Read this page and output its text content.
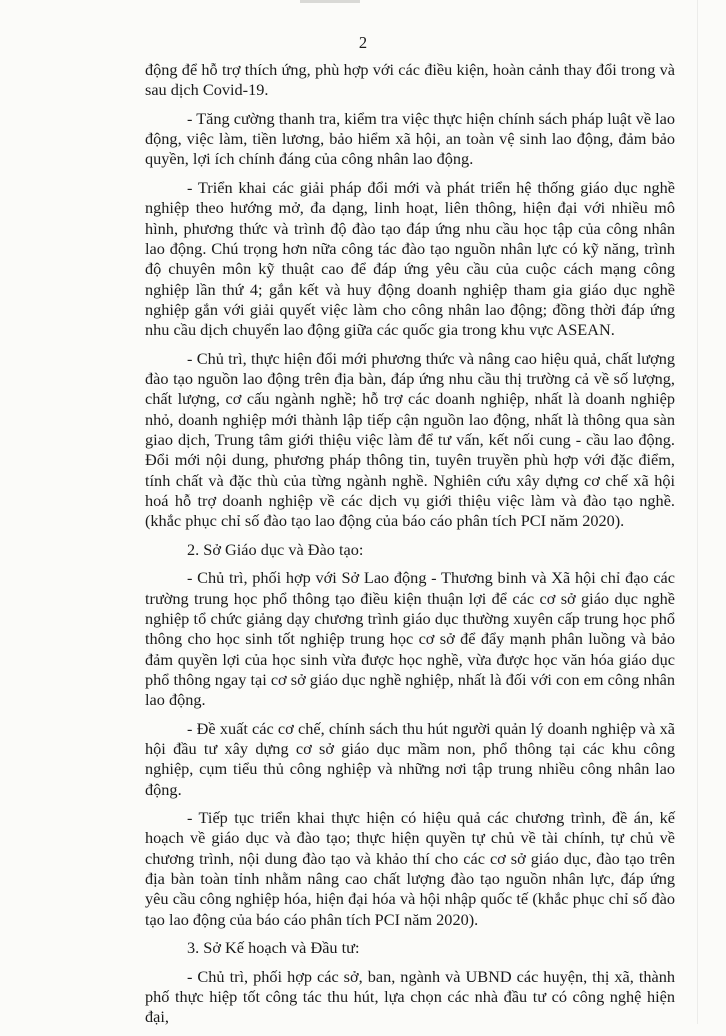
2

động để hỗ trợ thích ứng, phù hợp với các điều kiện, hoàn cảnh thay đổi trong và sau dịch Covid-19.

- Tăng cường thanh tra, kiểm tra việc thực hiện chính sách pháp luật về lao động, việc làm, tiền lương, bảo hiểm xã hội, an toàn vệ sinh lao động, đảm bảo quyền, lợi ích chính đáng của công nhân lao động.

- Triển khai các giải pháp đổi mới và phát triển hệ thống giáo dục nghề nghiệp theo hướng mở, đa dạng, linh hoạt, liên thông, hiện đại với nhiều mô hình, phương thức và trình độ đào tạo đáp ứng nhu cầu học tập của công nhân lao động. Chú trọng hơn nữa công tác đào tạo nguồn nhân lực có kỹ năng, trình độ chuyên môn kỹ thuật cao để đáp ứng yêu cầu của cuộc cách mạng công nghiệp lần thứ 4; gắn kết và huy động doanh nghiệp tham gia giáo dục nghề nghiệp gắn với giải quyết việc làm cho công nhân lao động; đồng thời đáp ứng nhu cầu dịch chuyển lao động giữa các quốc gia trong khu vực ASEAN.

- Chủ trì, thực hiện đổi mới phương thức và nâng cao hiệu quả, chất lượng đào tạo nguồn lao động trên địa bàn, đáp ứng nhu cầu thị trường cả về số lượng, chất lượng, cơ cấu ngành nghề; hỗ trợ các doanh nghiệp, nhất là doanh nghiệp nhỏ, doanh nghiệp mới thành lập tiếp cận nguồn lao động, nhất là thông qua sàn giao dịch, Trung tâm giới thiệu việc làm để tư vấn, kết nối cung - cầu lao động. Đổi mới nội dung, phương pháp thông tin, tuyên truyền phù hợp với đặc điểm, tính chất và đặc thù của từng ngành nghề. Nghiên cứu xây dựng cơ chế xã hội hoá hỗ trợ doanh nghiệp về các dịch vụ giới thiệu việc làm và đào tạo nghề. (khắc phục chỉ số đào tạo lao động của báo cáo phân tích PCI năm 2020).

2. Sở Giáo dục và Đào tạo:

- Chủ trì, phối hợp với Sở Lao động - Thương binh và Xã hội chỉ đạo các trường trung học phổ thông tạo điều kiện thuận lợi để các cơ sở giáo dục nghề nghiệp tổ chức giảng dạy chương trình giáo dục thường xuyên cấp trung học phổ thông cho học sinh tốt nghiệp trung học cơ sở để đẩy mạnh phân luồng và bảo đảm quyền lợi của học sinh vừa được học nghề, vừa được học văn hóa giáo dục phổ thông ngay tại cơ sở giáo dục nghề nghiệp, nhất là đối với con em công nhân lao động.

- Đề xuất các cơ chế, chính sách thu hút người quản lý doanh nghiệp và xã hội đầu tư xây dựng cơ sở giáo dục mầm non, phổ thông tại các khu công nghiệp, cụm tiểu thủ công nghiệp và những nơi tập trung nhiều công nhân lao động.

- Tiếp tục triển khai thực hiện có hiệu quả các chương trình, đề án, kế hoạch về giáo dục và đào tạo; thực hiện quyền tự chủ về tài chính, tự chủ về chương trình, nội dung đào tạo và khảo thí cho các cơ sở giáo dục, đào tạo trên địa bàn toàn tỉnh nhằm nâng cao chất lượng đào tạo nguồn nhân lực, đáp ứng yêu cầu công nghiệp hóa, hiện đại hóa và hội nhập quốc tế (khắc phục chỉ số đào tạo lao động của báo cáo phân tích PCI năm 2020).

3. Sở Kế hoạch và Đầu tư:

- Chủ trì, phối hợp các sở, ban, ngành và UBND các huyện, thị xã, thành phố thực hiệp tốt công tác thu hút, lựa chọn các nhà đầu tư có công nghệ hiện đại,
